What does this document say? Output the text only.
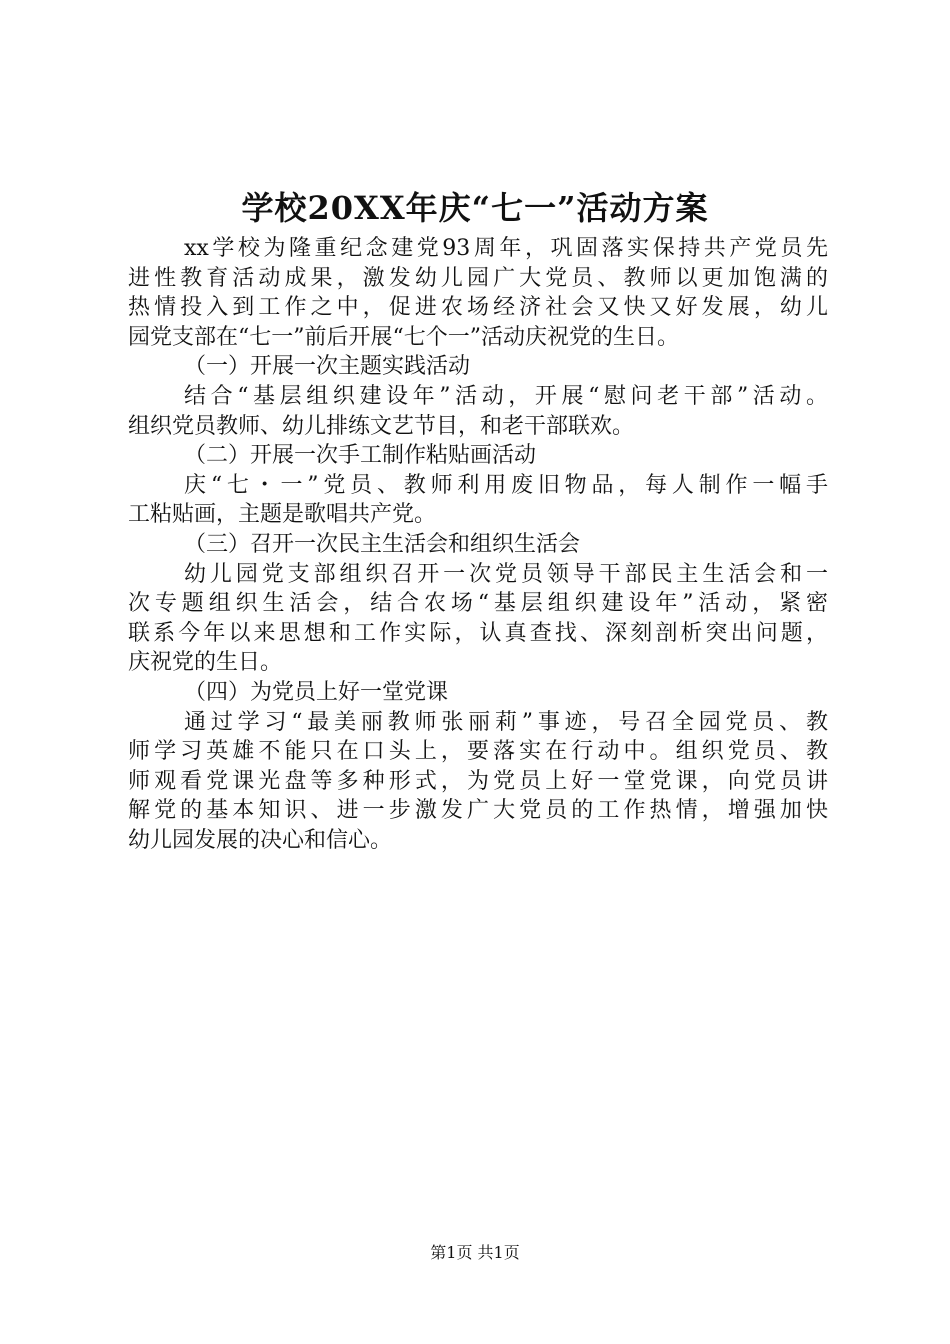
学校20XX年庆“七一”活动方案
xx学校为隆重纪念建党93周年，巩固落实保持共产党员先
进性教育活动成果，激发幼儿园广大党员、教师以更加饱满的
热情投入到工作之中，促进农场经济社会又快又好发展，幼儿
园党支部在“七一”前后开展“七个一”活动庆祝党的生日。
（一）开展一次主题实践活动
结合“基层组织建设年”活动，开展“慰问老干部”活动。
组织党员教师、幼儿排练文艺节目，和老干部联欢。
（二）开展一次手工制作粘贴画活动
庆“七・一”党员、教师利用废旧物品，每人制作一幅手
工粘贴画，主题是歌唱共产党。
（三）召开一次民主生活会和组织生活会
幼儿园党支部组织召开一次党员领导干部民主生活会和一
次专题组织生活会，结合农场“基层组织建设年”活动，紧密
联系今年以来思想和工作实际，认真查找、深刻剖析突出问题，
庆祝党的生日。
（四）为党员上好一堂党课
通过学习“最美丽教师张丽莉”事迹，号召全园党员、教
师学习英雄不能只在口头上，要落实在行动中。组织党员、教
师观看党课光盘等多种形式，为党员上好一堂党课，向党员讲
解党的基本知识、进一步激发广大党员的工作热情，增强加快
幼儿园发展的决心和信心。
第1页 共1页
